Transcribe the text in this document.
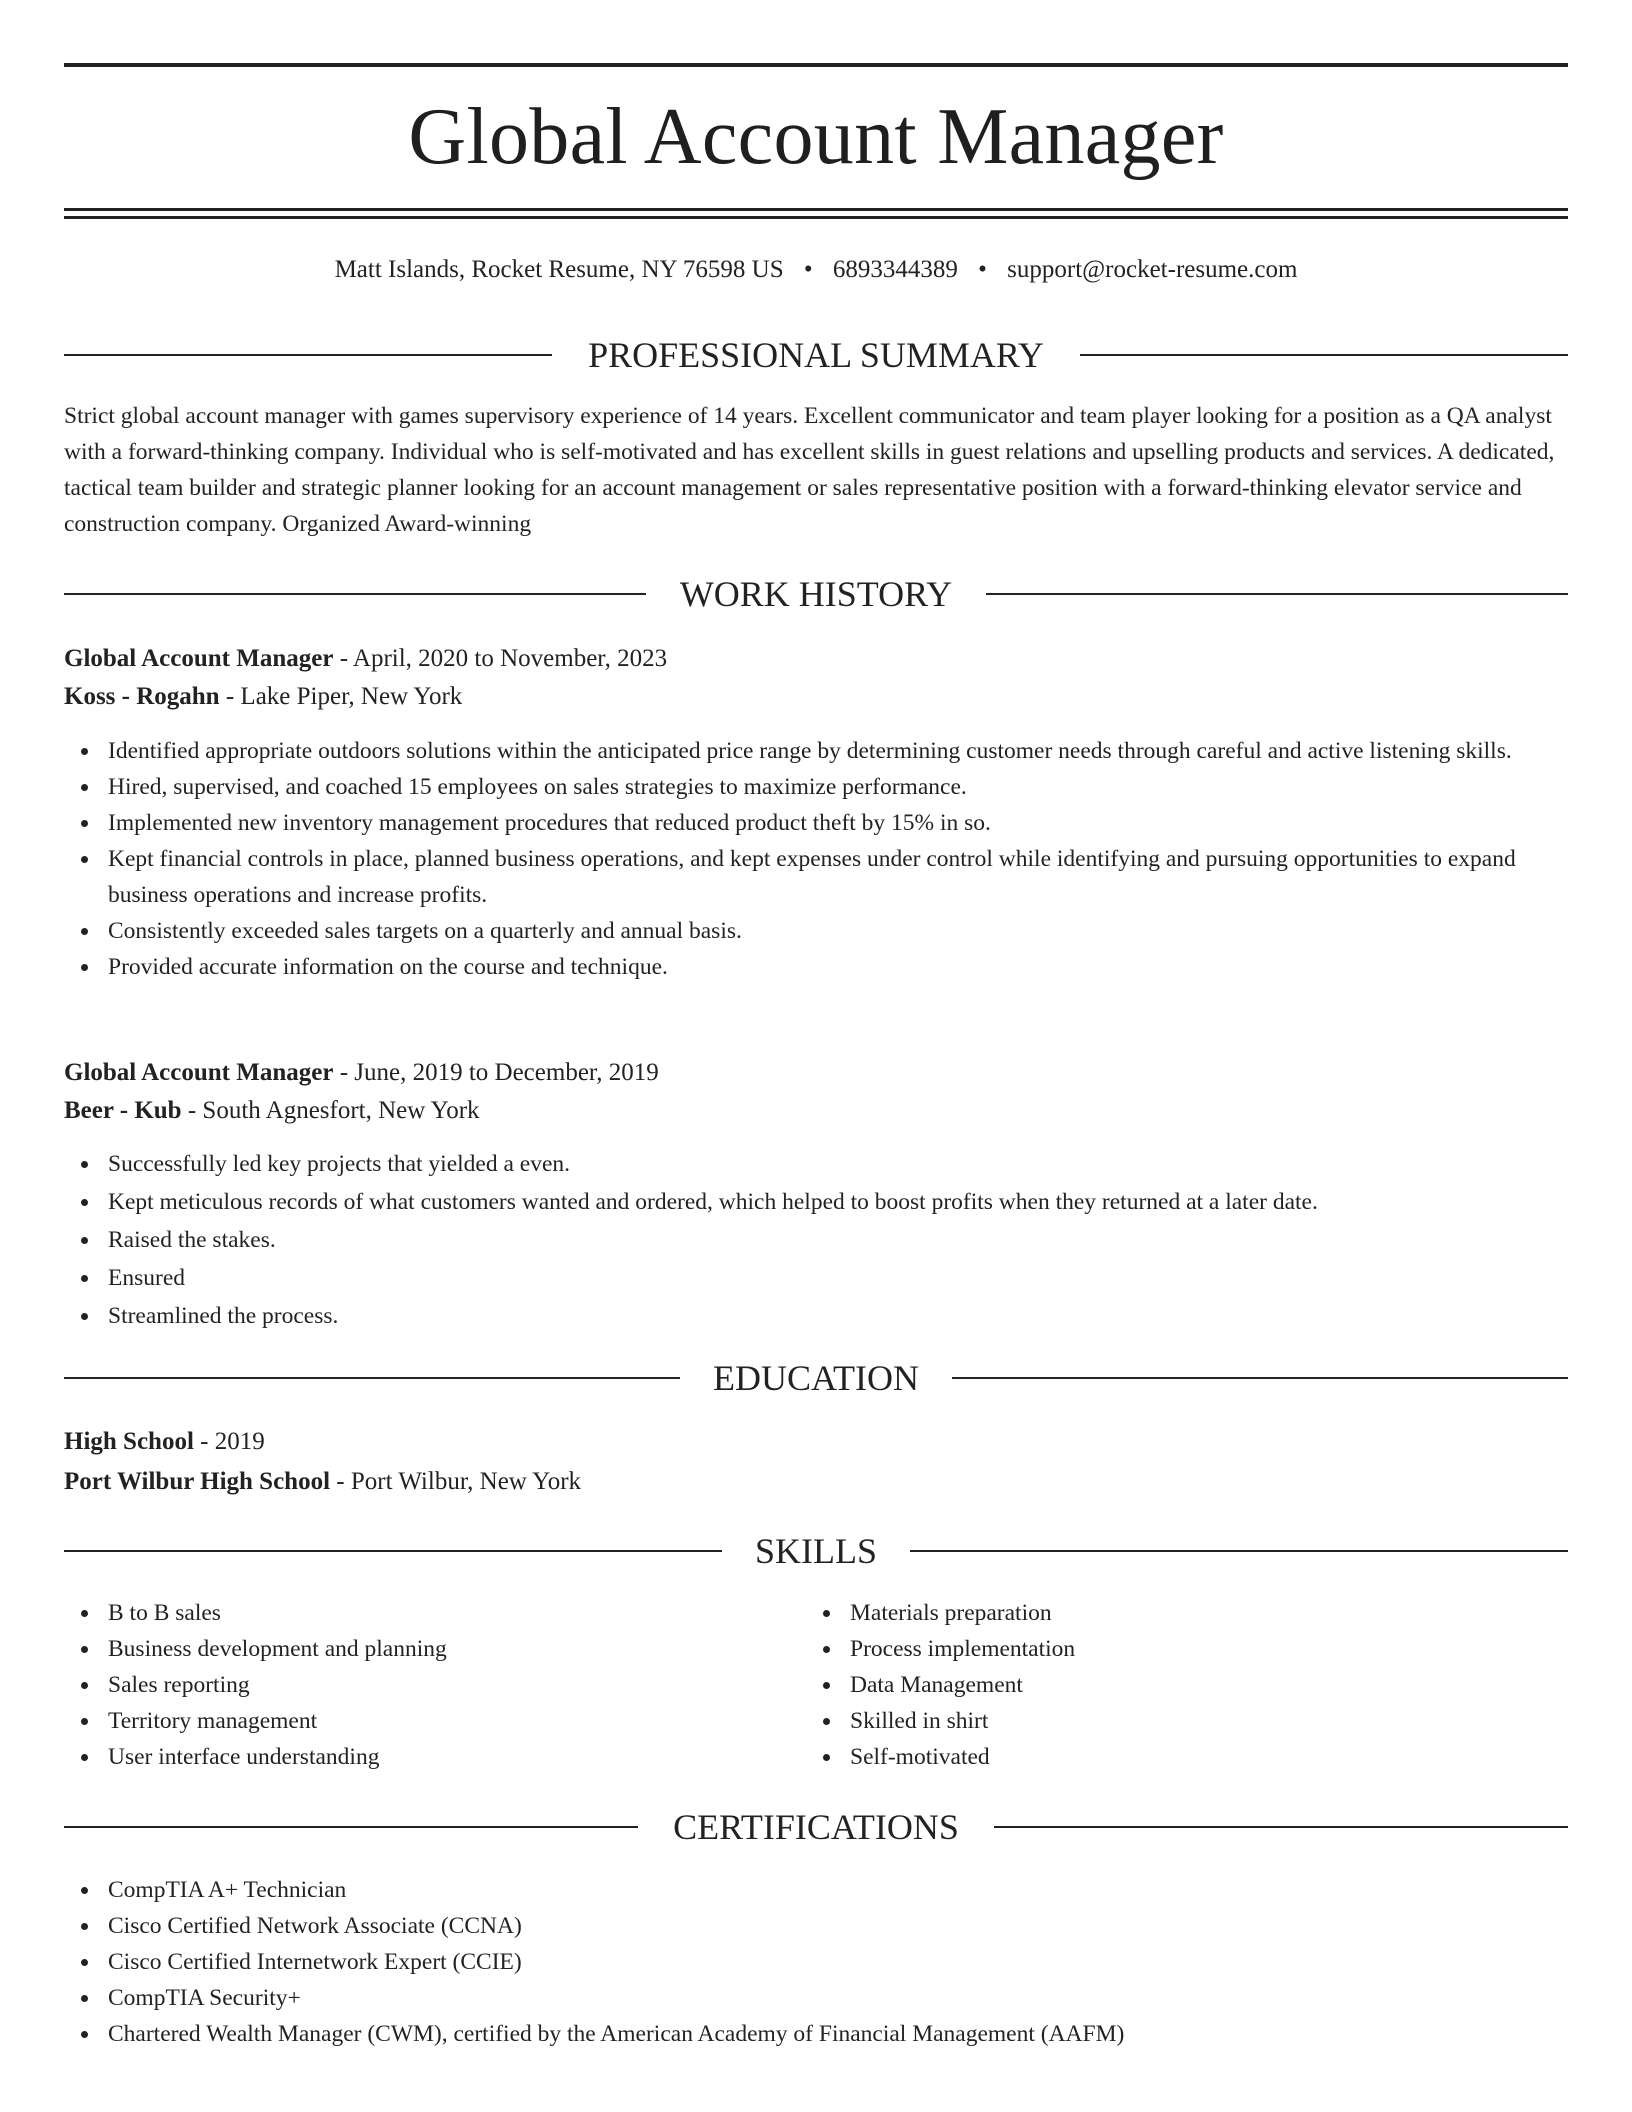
Global Account Manager
Matt Islands, Rocket Resume, NY 76598 US • 6893344389 • support@rocket-resume.com
PROFESSIONAL SUMMARY
Strict global account manager with games supervisory experience of 14 years. Excellent communicator and team player looking for a position as a QA analyst with a forward-thinking company. Individual who is self-motivated and has excellent skills in guest relations and upselling products and services. A dedicated, tactical team builder and strategic planner looking for an account management or sales representative position with a forward-thinking elevator service and construction company. Organized Award-winning
WORK HISTORY
Global Account Manager - April, 2020 to November, 2023
Koss - Rogahn - Lake Piper, New York
Identified appropriate outdoors solutions within the anticipated price range by determining customer needs through careful and active listening skills.
Hired, supervised, and coached 15 employees on sales strategies to maximize performance.
Implemented new inventory management procedures that reduced product theft by 15% in so.
Kept financial controls in place, planned business operations, and kept expenses under control while identifying and pursuing opportunities to expand business operations and increase profits.
Consistently exceeded sales targets on a quarterly and annual basis.
Provided accurate information on the course and technique.
Global Account Manager - June, 2019 to December, 2019
Beer - Kub - South Agnesfort, New York
Successfully led key projects that yielded a even.
Kept meticulous records of what customers wanted and ordered, which helped to boost profits when they returned at a later date.
Raised the stakes.
Ensured
Streamlined the process.
EDUCATION
High School - 2019
Port Wilbur High School - Port Wilbur, New York
SKILLS
B to B sales
Business development and planning
Sales reporting
Territory management
User interface understanding
Materials preparation
Process implementation
Data Management
Skilled in shirt
Self-motivated
CERTIFICATIONS
CompTIA A+ Technician
Cisco Certified Network Associate (CCNA)
Cisco Certified Internetwork Expert (CCIE)
CompTIA Security+
Chartered Wealth Manager (CWM), certified by the American Academy of Financial Management (AAFM)
